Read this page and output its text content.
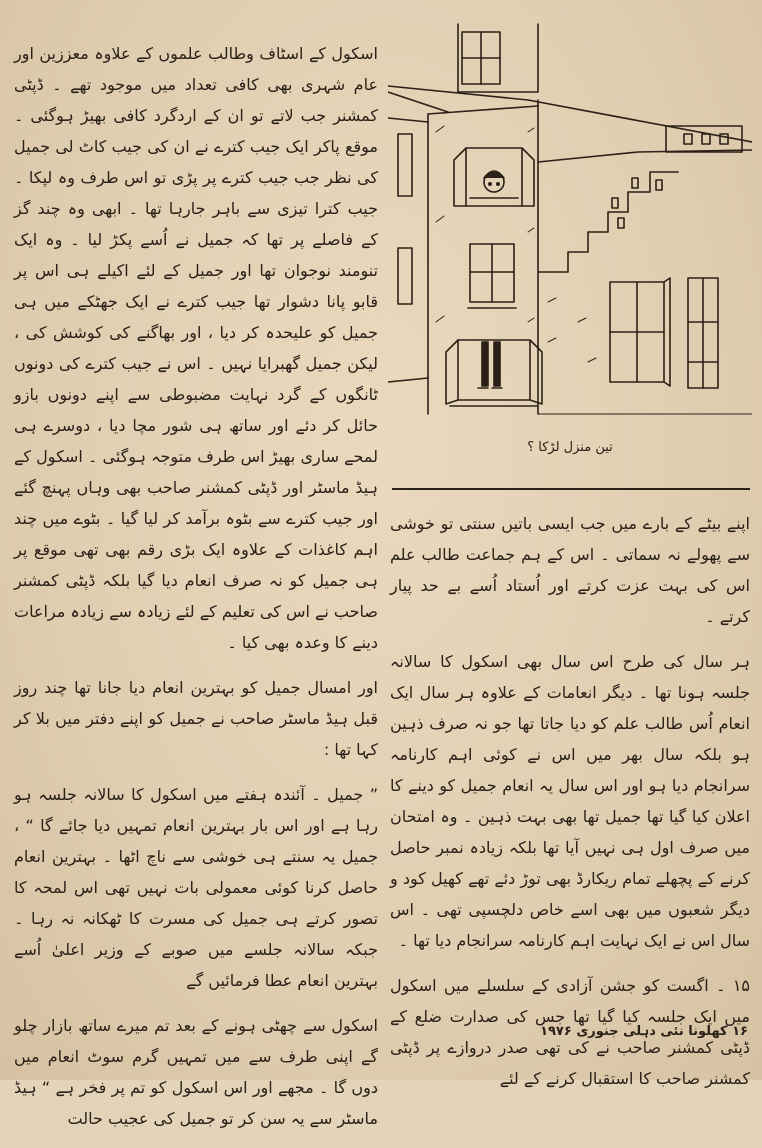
اسکول کے اسٹاف وطالب علموں کے علاوہ معززین اور عام شہری بھی کافی تعداد میں موجود تھے ۔ ڈپٹی کمشنر جب لاتے تو ان کے اردگرد کافی بھیڑ ہوگئی ۔ موقع پاکر ایک جیب کترے نے ان کی جیب کاٹ لی جمیل کی نظر جب جیب کترے پر پڑی تو اس طرف وہ لپکا ۔ جیب کترا تیزی سے باہر جارہا تھا ۔ ابھی وہ چند گز کے فاصلے پر تھا کہ جمیل نے اُسے پکڑ لیا ۔ وہ ایک تنومند نوجوان تھا اور جمیل کے لئے اکیلے ہی اس پر قابو پانا دشوار تھا جیب کترے نے ایک جھٹکے میں ہی جمیل کو علیحدہ کر دیا ، اور بھاگنے کی کوشش کی ، لیکن جمیل گھبرایا نہیں ۔ اس نے جیب کترے کی دونوں ٹانگوں کے گرد نہایت مضبوطی سے اپنے دونوں بازو حائل کر دئے اور ساتھ ہی شور مچا دیا ، دوسرے ہی لمحے ساری بھیڑ اس طرف متوجہ ہوگئی ۔ اسکول کے ہیڈ ماسٹر اور ڈپٹی کمشنر صاحب بھی وہاں پہنچ گئے اور جیب کترے سے بٹوہ برآمد کر لیا گیا ۔ بٹوے میں چند اہم کاغذات کے علاوہ ایک بڑی رقم بھی تھی موقع پر ہی جمیل کو نہ صرف انعام دیا گیا بلکہ ڈپٹی کمشنر صاحب نے اس کی تعلیم کے لئے زیادہ سے زیادہ مراعات دینے کا وعدہ بھی کیا ۔

اور امسال جمیل کو بہترین انعام دیا جانا تھا چند روز قبل ہیڈ ماسٹر صاحب نے جمیل کو اپنے دفتر میں بلا کر کہا تھا :

” جمیل ۔ آئندہ ہفتے میں اسکول کا سالانہ جلسہ ہو رہا ہے اور اس بار بہترین انعام تمہیں دیا جائے گا “ ، جمیل یہ سنتے ہی خوشی سے ناچ اٹھا ۔ بہترین انعام حاصل کرنا کوئی معمولی بات نہیں تھی اس لمحہ کا تصور کرتے ہی جمیل کی مسرت کا ٹھکانہ نہ رہا ۔ جبکہ سالانہ جلسے میں صوبے کے وزیر اعلیٰ اُسے بہترین انعام عطا فرمائیں گے

اسکول سے چھٹی ہونے کے بعد تم میرے ساتھ بازار چلو گے اپنی طرف سے میں تمہیں گرم سوٹ انعام میں دوں گا ۔ مجھے اور اس اسکول کو تم پر فخر ہے “ ہیڈ ماسٹر سے یہ سن کر تو جمیل کی عجیب حالت

تین منزل لڑکا ؟

اپنے بیٹے کے بارے میں جب ایسی باتیں سنتی تو خوشی سے پھولے نہ سماتی ۔ اس کے ہم جماعت طالب علم اس کی بہت عزت کرتے اور اُستاد اُسے بے حد پیار کرتے ۔

ہر سال کی طرح اس سال بھی اسکول کا سالانہ جلسہ ہونا تھا ۔ دیگر انعامات کے علاوہ ہر سال ایک انعام اُس طالب علم کو دیا جاتا تھا جو نہ صرف ذہین ہو بلکہ سال بھر میں اس نے کوئی اہم کارنامہ سرانجام دیا ہو اور اس سال یہ انعام جمیل کو دینے کا اعلان کیا گیا تھا جمیل تھا بھی بہت ذہین ۔ وہ امتحان میں صرف اول ہی نہیں آیا تھا بلکہ زیادہ نمبر حاصل کرنے کے پچھلے تمام ریکارڈ بھی توڑ دئے تھے کھیل کود و دیگر شعبوں میں بھی اسے خاص دلچسپی تھی ۔ اس سال اس نے ایک نہایت اہم کارنامہ سرانجام دیا تھا ۔

۱۵ ۔ اگست کو جشن آزادی کے سلسلے میں اسکول میں ایک جلسہ کیا گیا تھا جس کی صدارت ضلع کے ڈپٹی کمشنر صاحب نے کی تھی صدر دروازے پر ڈپٹی کمشنر صاحب کا استقبال کرنے کے لئے

۱۶ کھلونا نئی دہلی جنوری ۱۹۷۶
